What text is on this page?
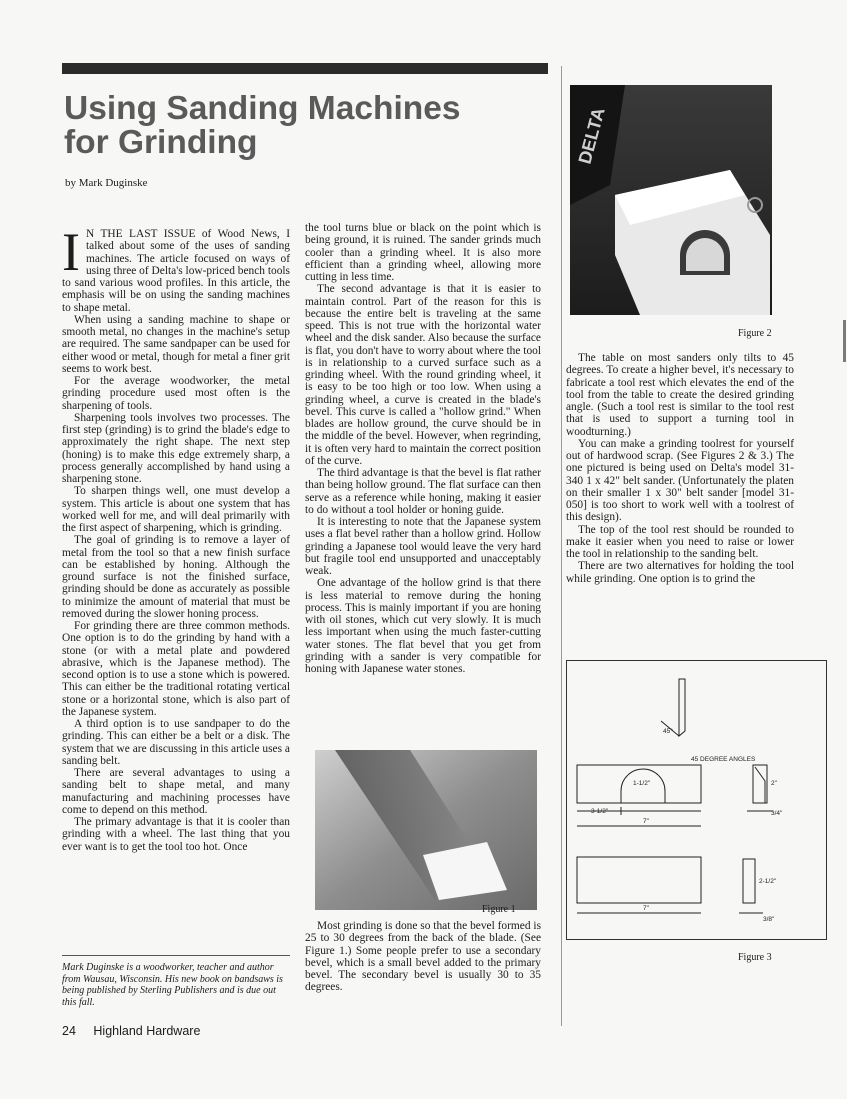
Using Sanding Machines
for Grinding
by Mark Duginske

IN THE LAST ISSUE of Wood News, I talked about some of the uses of sanding machines. The article focused on ways of using three of Delta's low-priced bench tools to sand various wood profiles. In this article, the emphasis will be on using the sanding machines to shape metal.

When using a sanding machine to shape or smooth metal, no changes in the machine's setup are required. The same sandpaper can be used for either wood or metal, though for metal a finer grit seems to work best.

For the average woodworker, the metal grinding procedure used most often is the sharpening of tools.

Sharpening tools involves two processes. The first step (grinding) is to grind the blade's edge to approximately the right shape. The next step (honing) is to make this edge extremely sharp, a process generally accomplished by hand using a sharpening stone.

To sharpen things well, one must develop a system. This article is about one system that has worked well for me, and will deal primarily with the first aspect of sharpening, which is grinding.

The goal of grinding is to remove a layer of metal from the tool so that a new finish surface can be established by honing. Although the ground surface is not the finished surface, grinding should be done as accurately as possible to minimize the amount of material that must be removed during the slower honing process.

For grinding there are three common methods. One option is to do the grinding by hand with a stone (or with a metal plate and powdered abrasive, which is the Japanese method). The second option is to use a stone which is powered. This can either be the traditional rotating vertical stone or a horizontal stone, which is also part of the Japanese system.

A third option is to use sandpaper to do the grinding. This can either be a belt or a disk. The system that we are discussing in this article uses a sanding belt.

There are several advantages to using a sanding belt to shape metal, and many manufacturing and machining processes have come to depend on this method.

The primary advantage is that it is cooler than grinding with a wheel. The last thing that you ever want is to get the tool too hot. Once

Mark Duginske is a woodworker, teacher and author from Wausau, Wisconsin. His new book on bandsaws is being published by Sterling Publishers and is due out this fall.

the tool turns blue or black on the point which is being ground, it is ruined. The sander grinds much cooler than a grinding wheel. It is also more efficient than a grinding wheel, allowing more cutting in less time.

The second advantage is that it is easier to maintain control. Part of the reason for this is because the entire belt is traveling at the same speed. This is not true with the horizontal water wheel and the disk sander. Also because the surface is flat, you don't have to worry about where the tool is in relationship to a curved surface such as a grinding wheel. With the round grinding wheel, it is easy to be too high or too low. When using a grinding wheel, a curve is created in the blade's bevel. This curve is called a "hollow grind." When blades are hollow ground, the curve should be in the middle of the bevel. However, when regrinding, it is often very hard to maintain the correct position of the curve.

The third advantage is that the bevel is flat rather than being hollow ground. The flat surface can then serve as a reference while honing, making it easier to do without a tool holder or honing guide.

It is interesting to note that the Japanese system uses a flat bevel rather than a hollow grind. Hollow grinding a Japanese tool would leave the very hard but fragile tool end unsupported and unacceptably weak.

One advantage of the hollow grind is that there is less material to remove during the honing process. This is mainly important if you are honing with oil stones, which cut very slowly. It is much less important when using the much faster-cutting water stones. The flat bevel that you get from grinding with a sander is very compatible for honing with Japanese water stones.

Figure 1

Most grinding is done so that the bevel formed is 25 to 30 degrees from the back of the blade. (See Figure 1.) Some people prefer to use a secondary bevel, which is a small bevel added to the primary bevel. The secondary bevel is usually 30 to 35 degrees.

DELTA
Figure 2

The table on most sanders only tilts to 45 degrees. To create a higher bevel, it's necessary to fabricate a tool rest which elevates the end of the tool from the table to create the desired grinding angle. (Such a tool rest is similar to the tool rest that is used to support a turning tool in woodturning.)

You can make a grinding toolrest for yourself out of hardwood scrap. (See Figures 2 & 3.) The one pictured is being used on Delta's model 31-340 1 x 42" belt sander. (Unfortunately the platen on their smaller 1 x 30" belt sander [model 31-050] is too short to work well with a toolrest of this design).

The top of the tool rest should be rounded to make it easier when you need to raise or lower the tool in relationship to the sanding belt.

There are two alternatives for holding the tool while grinding. One option is to grind the

45°
45 DEGREE ANGLES
1-1/2"
3-1/2"
7"
2"
3/4"
7"
2-1/2"
3/8"
Figure 3
24 Highland Hardware
